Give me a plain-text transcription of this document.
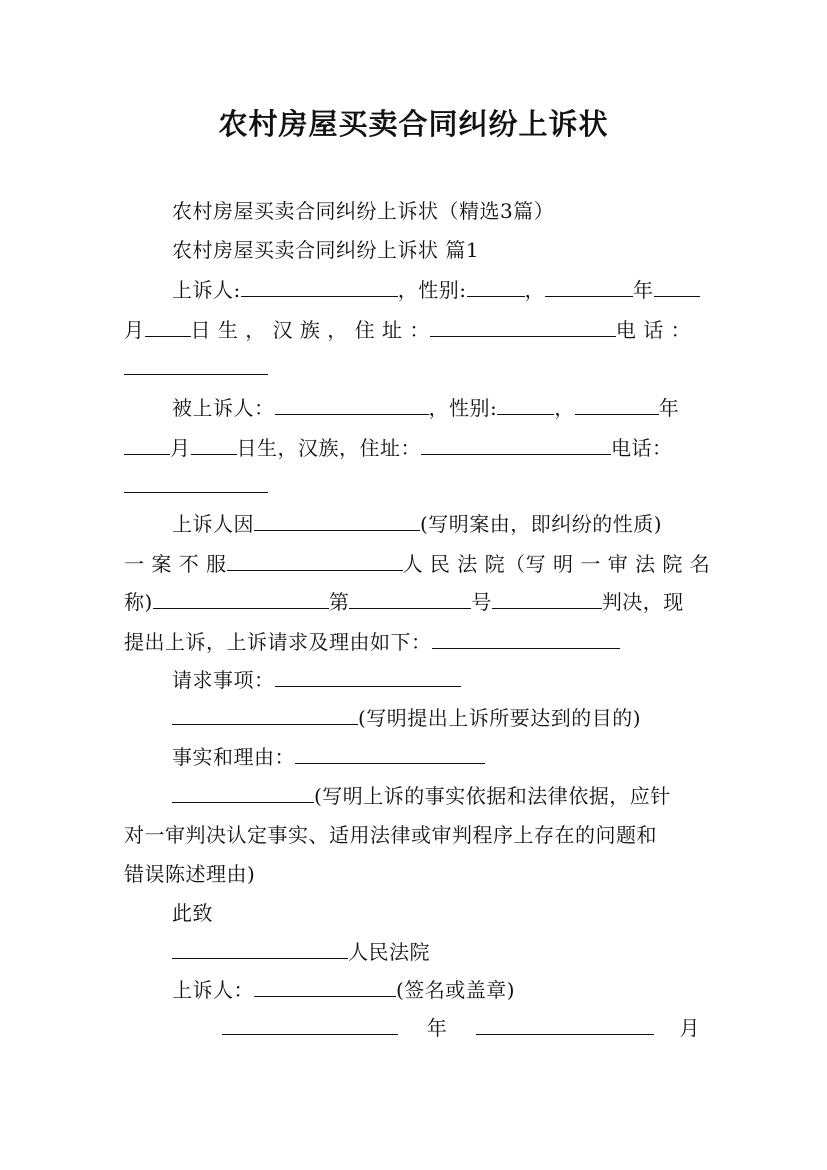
农村房屋买卖合同纠纷上诉状
农村房屋买卖合同纠纷上诉状（精选3篇）
农村房屋买卖合同纠纷上诉状 篇1
上诉人:	，性别:	，	年
月 日 生 ， 汉 族 ， 住 址 ：	电 话 ：
被上诉人：	，性别:	，	年
月 日生，汉族，住址：	电话：
上诉人因	(写明案由，即纠纷的性质)
一 案 不 服	人 民 法 院（写 明 一 审 法 院 名
称)	第	号	判决，现
提出上诉，上诉请求及理由如下：
请求事项：
(写明提出上诉所要达到的目的)
事实和理由：
(写明上诉的事实依据和法律依据，应针
对一审判决认定事实、适用法律或审判程序上存在的问题和
错误陈述理由)
此致
人民法院
上诉人：	(签名或盖章)
年	月
